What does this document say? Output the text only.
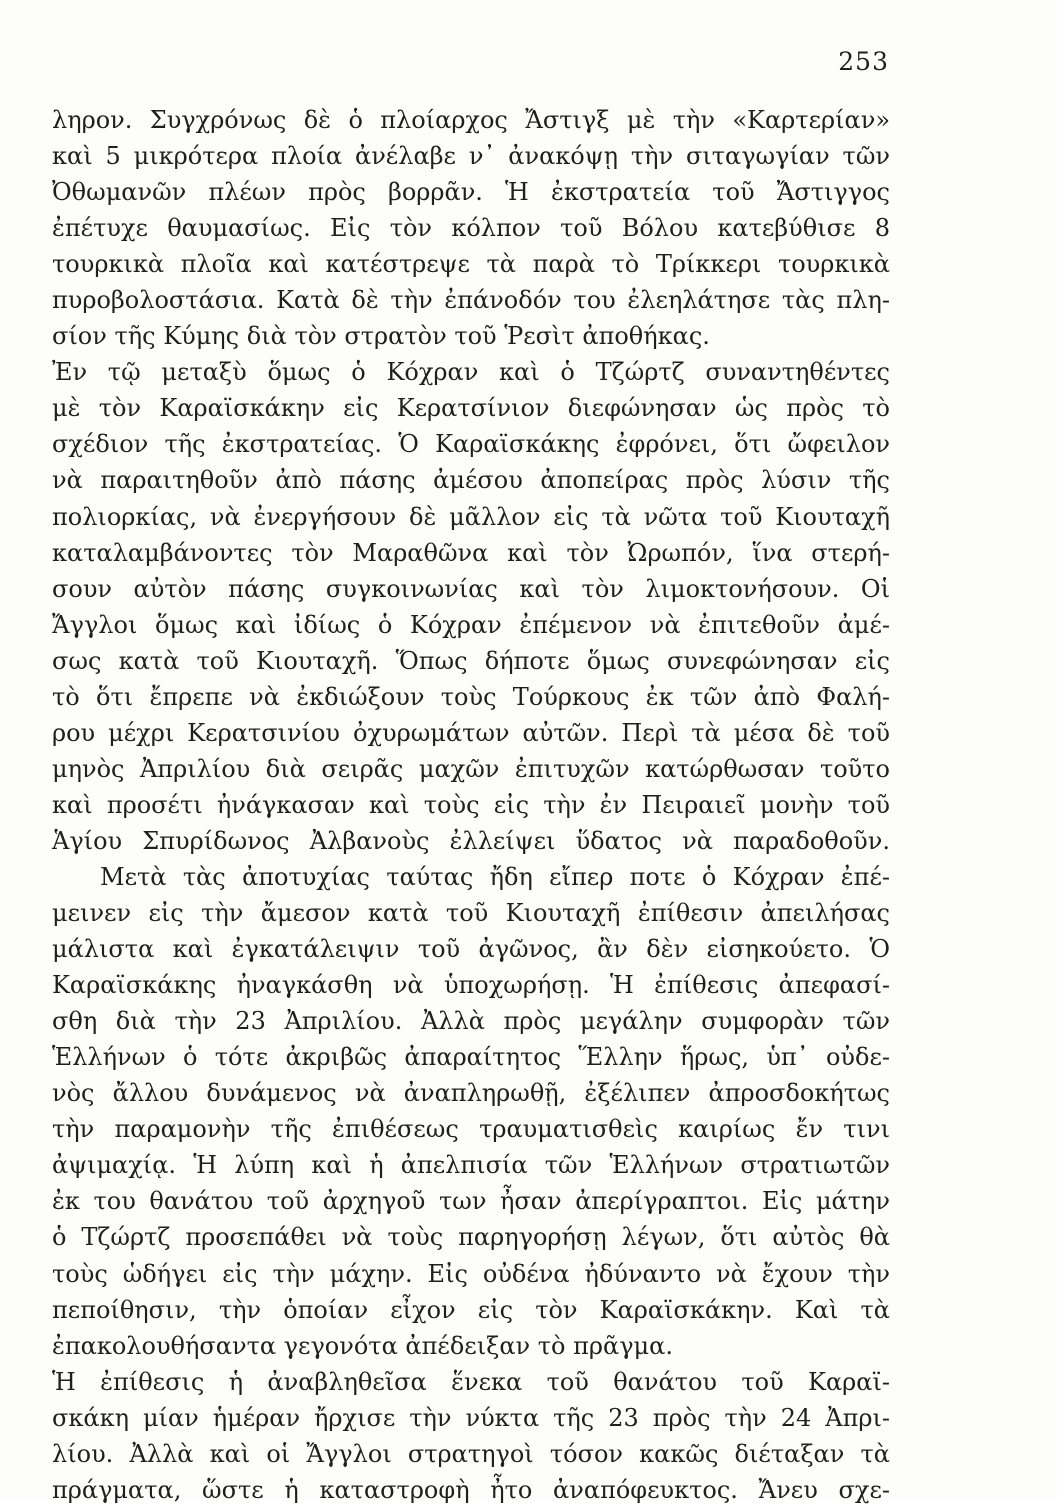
253
ληρον. Συγχρόνως δὲ ὁ πλοίαρχος Ἄστιγξ μὲ τὴν «Καρτερίαν»
καὶ 5 μικρότερα πλοία ἀνέλαβε ν᾽ ἀνακόψῃ τὴν σιταγωγίαν τῶν
Ὀθωμανῶν πλέων πρὸς βορρᾶν. Ἡ ἐκστρατεία τοῦ Ἄστιγγος
ἐπέτυχε θαυμασίως. Εἰς τὸν κόλπον τοῦ Βόλου κατεβύθισε 8
τουρκικὰ πλοῖα καὶ κατέστρεψε τὰ παρὰ τὸ Τρίκκερι τουρκικὰ
πυροβολοστάσια. Κατὰ δὲ τὴν ἐπάνοδόν του ἐλεηλάτησε τὰς πλη-
σίον τῆς Κύμης διὰ τὸν στρατὸν τοῦ Ῥεσὶτ ἀποθήκας.
Ἐν τῷ μεταξὺ ὅμως ὁ Κόχραν καὶ ὁ Τζώρτζ συναντηθέντες
μὲ τὸν Καραϊσκάκην εἰς Κερατσίνιον διεφώνησαν ὡς πρὸς τὸ
σχέδιον τῆς ἐκστρατείας. Ὁ Καραϊσκάκης ἐφρόνει, ὅτι ὤφειλον
νὰ παραιτηθοῦν ἀπὸ πάσης ἀμέσου ἀποπείρας πρὸς λύσιν τῆς
πολιορκίας, νὰ ἐνεργήσουν δὲ μᾶλλον εἰς τὰ νῶτα τοῦ Κιουταχῆ
καταλαμβάνοντες τὸν Μαραθῶνα καὶ τὸν Ὠρωπόν, ἵνα στερή-
σουν αὐτὸν πάσης συγκοινωνίας καὶ τὸν λιμοκτονήσουν. Οἱ
Ἄγγλοι ὅμως καὶ ἰδίως ὁ Κόχραν ἐπέμενον νὰ ἐπιτεθοῦν ἀμέ-
σως κατὰ τοῦ Κιουταχῆ. Ὅπως δήποτε ὅμως συνεφώνησαν εἰς
τὸ ὅτι ἔπρεπε νὰ ἐκδιώξουν τοὺς Τούρκους ἐκ τῶν ἀπὸ Φαλή-
ρου μέχρι Κερατσινίου ὀχυρωμάτων αὐτῶν. Περὶ τὰ μέσα δὲ τοῦ
μηνὸς Ἀπριλίου διὰ σειρᾶς μαχῶν ἐπιτυχῶν κατώρθωσαν τοῦτο
καὶ προσέτι ἠνάγκασαν καὶ τοὺς εἰς τὴν ἐν Πειραιεῖ μονὴν τοῦ
Ἁγίου Σπυρίδωνος Ἀλβανοὺς ἐλλείψει ὕδατος νὰ παραδοθοῦν.
Μετὰ τὰς ἀποτυχίας ταύτας ἤδη εἴπερ ποτε ὁ Κόχραν ἐπέ-
μεινεν εἰς τὴν ἄμεσον κατὰ τοῦ Κιουταχῆ ἐπίθεσιν ἀπειλήσας
μάλιστα καὶ ἐγκατάλειψιν τοῦ ἀγῶνος, ἂν δὲν εἰσηκούετο. Ὁ
Καραϊσκάκης ἠναγκάσθη νὰ ὑποχωρήσῃ. Ἡ ἐπίθεσις ἀπεφασί-
σθη διὰ τὴν 23 Ἀπριλίου. Ἀλλὰ πρὸς μεγάλην συμφορὰν τῶν
Ἑλλήνων ὁ τότε ἀκριβῶς ἀπαραίτητος Ἕλλην ἥρως, ὑπ᾽ οὐδε-
νὸς ἄλλου δυνάμενος νὰ ἀναπληρωθῇ, ἐξέλιπεν ἀπροσδοκήτως
τὴν παραμονὴν τῆς ἐπιθέσεως τραυματισθεὶς καιρίως ἔν τινι
ἀψιμαχίᾳ. Ἡ λύπη καὶ ἡ ἀπελπισία τῶν Ἑλλήνων στρατιωτῶν
ἐκ του θανάτου τοῦ ἀρχηγοῦ των ἦσαν ἀπερίγραπτοι. Εἰς μάτην
ὁ Τζώρτζ προσεπάθει νὰ τοὺς παρηγορήσῃ λέγων, ὅτι αὐτὸς θὰ
τοὺς ὡδήγει εἰς τὴν μάχην. Εἰς οὐδένα ἠδύναντο νὰ ἔχουν τὴν
πεποίθησιν, τὴν ὁποίαν εἶχον εἰς τὸν Καραϊσκάκην. Καὶ τὰ
ἐπακολουθήσαντα γεγονότα ἀπέδειξαν τὸ πρᾶγμα.
Ἡ ἐπίθεσις ἡ ἀναβληθεῖσα ἕνεκα τοῦ θανάτου τοῦ Καραϊ-
σκάκη μίαν ἡμέραν ἤρχισε τὴν νύκτα τῆς 23 πρὸς τὴν 24 Ἀπρι-
λίου. Ἀλλὰ καὶ οἱ Ἄγγλοι στρατηγοὶ τόσον κακῶς διέταξαν τὰ
πράγματα, ὥστε ἡ καταστροφὴ ἦτο ἀναπόφευκτος. Ἄνευ σχε-
